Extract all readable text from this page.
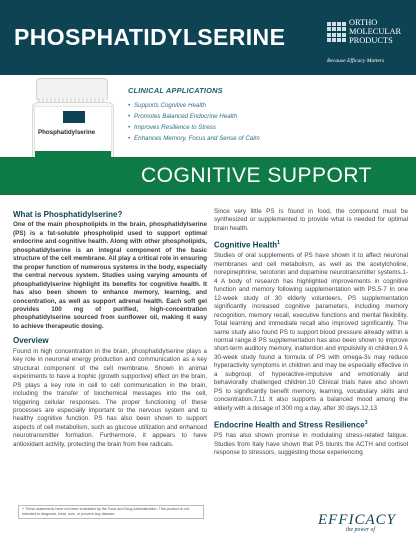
PHOSPHATIDYLSERINE
ORTHO
MOLECULAR
PRODUCTS
Because Efficacy Matters
Phosphatidylserine
CLINICAL APPLICATIONS
• Supports Cognitive Health
• Promotes Balanced Endocrine Health
• Improves Resilience to Stress
• Enhances Memory, Focus and Sense of Calm
COGNITIVE SUPPORT
What is Phosphatidylserine?
One of the main phospholipids in the brain, phosphatidylserine (PS) is a fat-soluble phospholipid used to support optimal endocrine and cognitive health. Along with other phospholipids, phosphatidylserine is an integral component of the basic structure of the cell membrane. All play a critical role in ensuring the proper function of numerous systems in the body, especially the central nervous system. Studies using varying amounts of phosphatidylserine highlight its benefits for cognitive health. It has also been shown to enhance memory, learning, and concentration, as well as support adrenal health. Each soft gel provides 100 mg of purified, high-concentration phosphatidylserine sourced from sunflower oil, making it easy to achieve therapeutic dosing.
Overview
Found in high concentration in the brain, phosphatidylserine plays a key role in neuronal energy production and communication as a key structural component of the cell membrane. Shown in animal experiments to have a trophic (growth supportive) effect on the brain, PS plays a key role in cell to cell communication in the brain, including the transfer of biochemical messages into the cell, triggering cellular responses. The proper functioning of these processes are especially important to the nervous system and to healthy cognitive function. PS has also been shown to support aspects of cell metabolism, such as glucose utilization and enhanced neurotransmitter formation. Furthermore, it appears to have antioxidant activity, protecting the brain from free radicals.
Since very little PS is found in food, the compound must be synthesized or supplemented to provide what is needed for optimal brain health.
Cognitive Health$^1$
Studies of oral supplements of PS have shown it to affect neuronal membranes and cell metabolism, as well as the acetylcholine, norepinephrine, serotonin and dopamine neurotransmitter systems.1-4 A body of research has highlighted improvements in cognitive function and memory following supplementation with PS.5-7 In one 12-week study of 30 elderly volunteers, PS supplementation significantly increased cognitive parameters, including memory recognition, memory recall, executive functions and mental flexibility. Total learning and immediate recall also improved significantly. The same study also found PS to support blood pressure already within a normal range.8 PS supplementation has also been shown to improve short-term auditory memory, inattention and impulsivity in children.9 A 30-week study found a formula of PS with omega-3s may reduce hyperactivity symptoms in children and may be especially effective in a subgroup of hyperactive-impulsive and emotionally and behaviorally challenged children.10 Clinical trials have also shown PS to significantly benefit memory, learning, vocabulary skills and concentration.7,11 It also supports a balanced mood among the elderly with a dosage of 300 mg a day, after 30 days.12,13
Endocrine Health and Stress Resilience$^3$
PS has also shown promise in modulating stress-related fatigue. Studies from Italy have shown that PS blunts the ACTH and cortisol response to stressors, suggesting those experiencing
† These statements have not been evaluated by the Food and Drug Administration. This product is not intended to diagnose, treat, cure, or prevent any disease.	EFFICACY
the power of
